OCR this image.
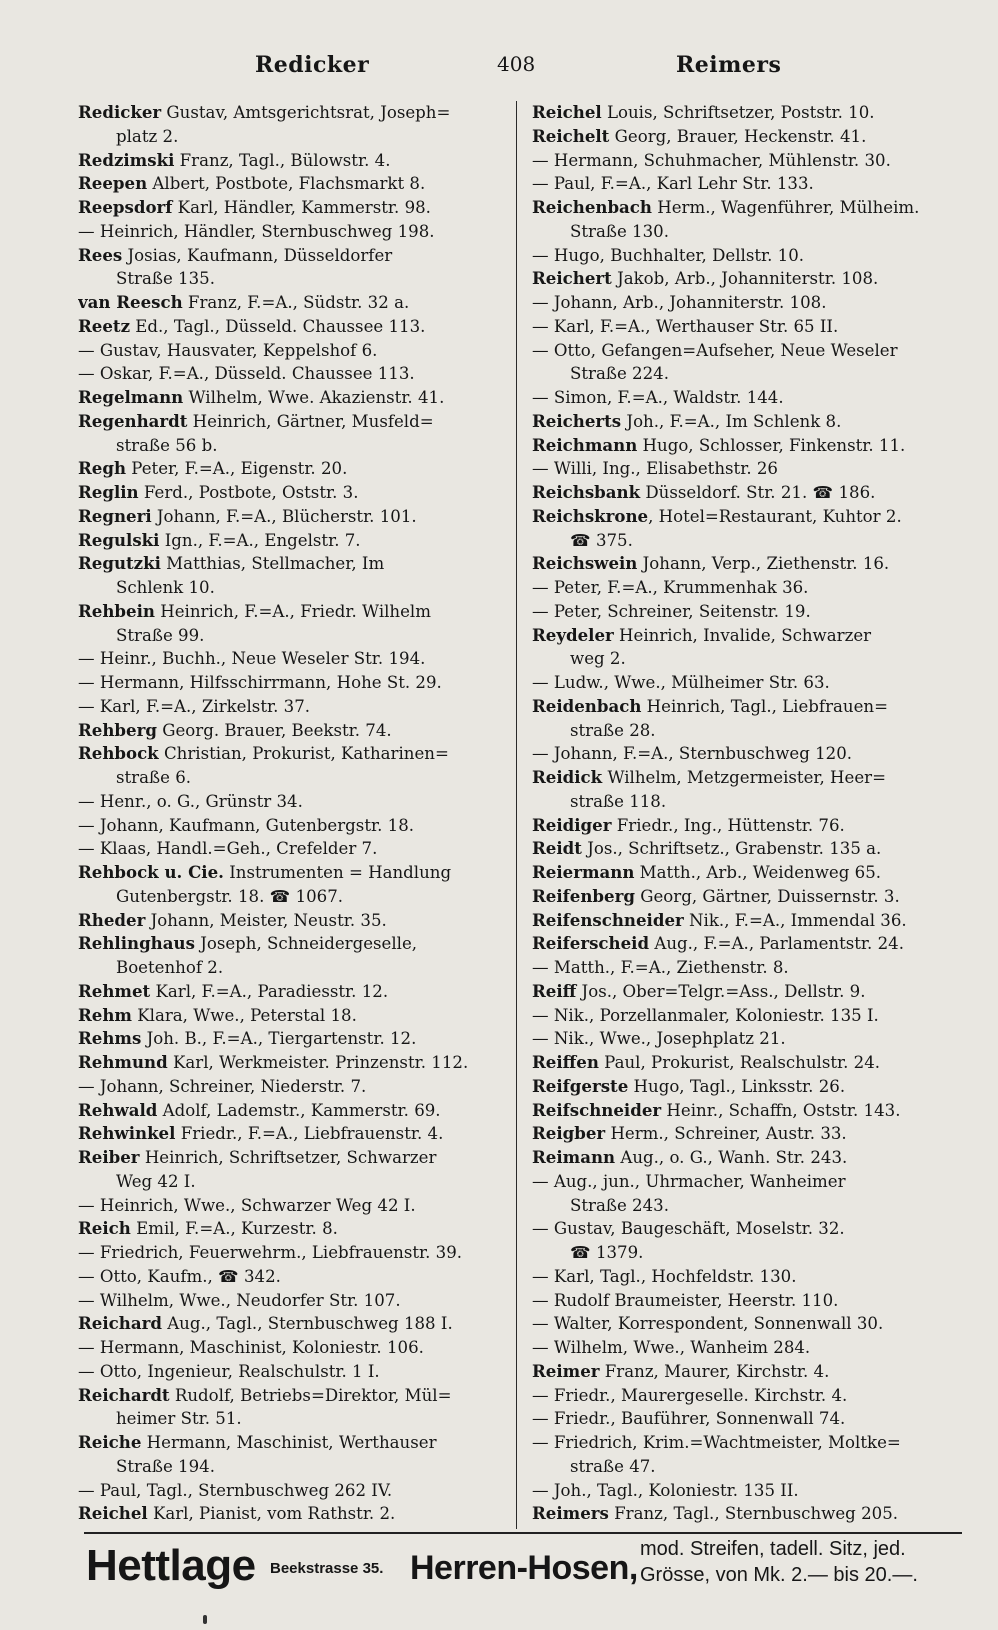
Redicker	408	Reimers
Redicker Gustav, Amtsgerichtsrat, Joseph=
platz 2.
Redzimski Franz, Tagl., Bülowstr. 4.
Reepen Albert, Postbote, Flachsmarkt 8.
Reepsdorf Karl, Händler, Kammerstr. 98.
— Heinrich, Händler, Sternbuschweg 198.
Rees Josias, Kaufmann, Düsseldorfer
Straße 135.
van Reesch Franz, F.=A., Südstr. 32 a.
Reetz Ed., Tagl., Düsseld. Chaussee 113.
— Gustav, Hausvater, Keppelshof 6.
— Oskar, F.=A., Düsseld. Chaussee 113.
Regelmann Wilhelm, Wwe. Akazienstr. 41.
Regenhardt Heinrich, Gärtner, Musfeld=
straße 56 b.
Regh Peter, F.=A., Eigenstr. 20.
Reglin Ferd., Postbote, Oststr. 3.
Regneri Johann, F.=A., Blücherstr. 101.
Regulski Ign., F.=A., Engelstr. 7.
Regutzki Matthias, Stellmacher, Im
Schlenk 10.
Rehbein Heinrich, F.=A., Friedr. Wilhelm
Straße 99.
— Heinr., Buchh., Neue Weseler Str. 194.
— Hermann, Hilfsschirrmann, Hohe St. 29.
— Karl, F.=A., Zirkelstr. 37.
Rehberg Georg. Brauer, Beekstr. 74.
Rehbock Christian, Prokurist, Katharinen=
straße 6.
— Henr., o. G., Grünstr 34.
— Johann, Kaufmann, Gutenbergstr. 18.
— Klaas, Handl.=Geh., Crefelder 7.
Rehbock u. Cie. Instrumenten = Handlung
Gutenbergstr. 18. ☎ 1067.
Rheder Johann, Meister, Neustr. 35.
Rehlinghaus Joseph, Schneidergeselle,
Boetenhof 2.
Rehmet Karl, F.=A., Paradiesstr. 12.
Rehm Klara, Wwe., Peterstal 18.
Rehms Joh. B., F.=A., Tiergartenstr. 12.
Rehmund Karl, Werkmeister. Prinzenstr. 112.
— Johann, Schreiner, Niederstr. 7.
Rehwald Adolf, Lademstr., Kammerstr. 69.
Rehwinkel Friedr., F.=A., Liebfrauenstr. 4.
Reiber Heinrich, Schriftsetzer, Schwarzer
Weg 42 I.
— Heinrich, Wwe., Schwarzer Weg 42 I.
Reich Emil, F.=A., Kurzestr. 8.
— Friedrich, Feuerwehrm., Liebfrauenstr. 39.
— Otto, Kaufm., ☎ 342.
— Wilhelm, Wwe., Neudorfer Str. 107.
Reichard Aug., Tagl., Sternbuschweg 188 I.
— Hermann, Maschinist, Koloniestr. 106.
— Otto, Ingenieur, Realschulstr. 1 I.
Reichardt Rudolf, Betriebs=Direktor, Mül=
heimer Str. 51.
Reiche Hermann, Maschinist, Werthauser
Straße 194.
— Paul, Tagl., Sternbuschweg 262 IV.
Reichel Karl, Pianist, vom Rathstr. 2.
Reichel Louis, Schriftsetzer, Poststr. 10.
Reichelt Georg, Brauer, Heckenstr. 41.
— Hermann, Schuhmacher, Mühlenstr. 30.
— Paul, F.=A., Karl Lehr Str. 133.
Reichenbach Herm., Wagenführer, Mülheim.
Straße 130.
— Hugo, Buchhalter, Dellstr. 10.
Reichert Jakob, Arb., Johanniterstr. 108.
— Johann, Arb., Johanniterstr. 108.
— Karl, F.=A., Werthauser Str. 65 II.
— Otto, Gefangen=Aufseher, Neue Weseler
Straße 224.
— Simon, F.=A., Waldstr. 144.
Reicherts Joh., F.=A., Im Schlenk 8.
Reichmann Hugo, Schlosser, Finkenstr. 11.
— Willi, Ing., Elisabethstr. 26
Reichsbank Düsseldorf. Str. 21. ☎ 186.
Reichskrone, Hotel=Restaurant, Kuhtor 2.
☎ 375.
Reichswein Johann, Verp., Ziethenstr. 16.
— Peter, F.=A., Krummenhak 36.
— Peter, Schreiner, Seitenstr. 19.
Reydeler Heinrich, Invalide, Schwarzer
weg 2.
— Ludw., Wwe., Mülheimer Str. 63.
Reidenbach Heinrich, Tagl., Liebfrauen=
straße 28.
— Johann, F.=A., Sternbuschweg 120.
Reidick Wilhelm, Metzgermeister, Heer=
straße 118.
Reidiger Friedr., Ing., Hüttenstr. 76.
Reidt Jos., Schriftsetz., Grabenstr. 135 a.
Reiermann Matth., Arb., Weidenweg 65.
Reifenberg Georg, Gärtner, Duissernstr. 3.
Reifenschneider Nik., F.=A., Immendal 36.
Reiferscheid Aug., F.=A., Parlamentstr. 24.
— Matth., F.=A., Ziethenstr. 8.
Reiff Jos., Ober=Telgr.=Ass., Dellstr. 9.
— Nik., Porzellanmaler, Koloniestr. 135 I.
— Nik., Wwe., Josephplatz 21.
Reiffen Paul, Prokurist, Realschulstr. 24.
Reifgerste Hugo, Tagl., Linksstr. 26.
Reifschneider Heinr., Schaffn, Oststr. 143.
Reigber Herm., Schreiner, Austr. 33.
Reimann Aug., o. G., Wanh. Str. 243.
— Aug., jun., Uhrmacher, Wanheimer
Straße 243.
— Gustav, Baugeschäft, Moselstr. 32.
☎ 1379.
— Karl, Tagl., Hochfeldstr. 130.
— Rudolf Braumeister, Heerstr. 110.
— Walter, Korrespondent, Sonnenwall 30.
— Wilhelm, Wwe., Wanheim 284.
Reimer Franz, Maurer, Kirchstr. 4.
— Friedr., Maurergeselle. Kirchstr. 4.
— Friedr., Bauführer, Sonnenwall 74.
— Friedrich, Krim.=Wachtmeister, Moltke=
straße 47.
— Joh., Tagl., Koloniestr. 135 II.
Reimers Franz, Tagl., Sternbuschweg 205.
Hettlage Beekstrasse 35. Herren-Hosen, mod. Streifen, tadell. Sitz, jed.
Grösse, von Mk. 2.— bis 20.—.
